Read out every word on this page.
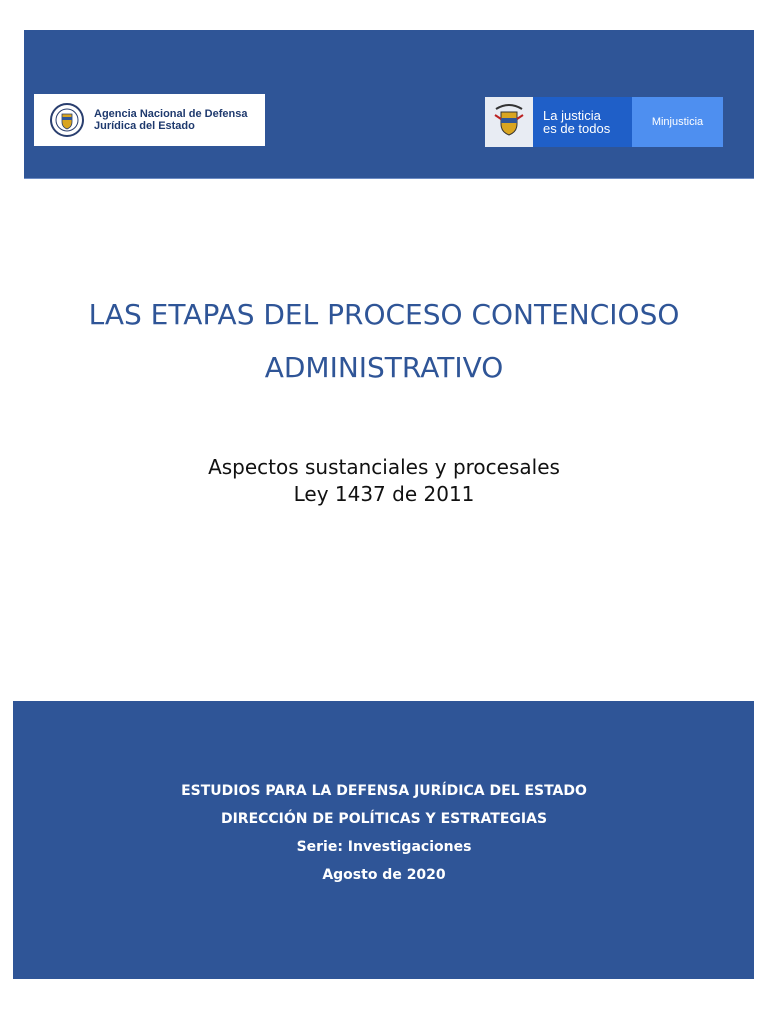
Agencia Nacional de Defensa
Jurídica del Estado
La justicia
es de todos	Minjusticia
LAS ETAPAS DEL PROCESO CONTENCIOSO
ADMINISTRATIVO
Aspectos sustanciales y procesales
Ley 1437 de 2011
ESTUDIOS PARA LA DEFENSA JURÍDICA DEL ESTADO
DIRECCIÓN DE POLÍTICAS Y ESTRATEGIAS
Serie: Investigaciones
Agosto de 2020
